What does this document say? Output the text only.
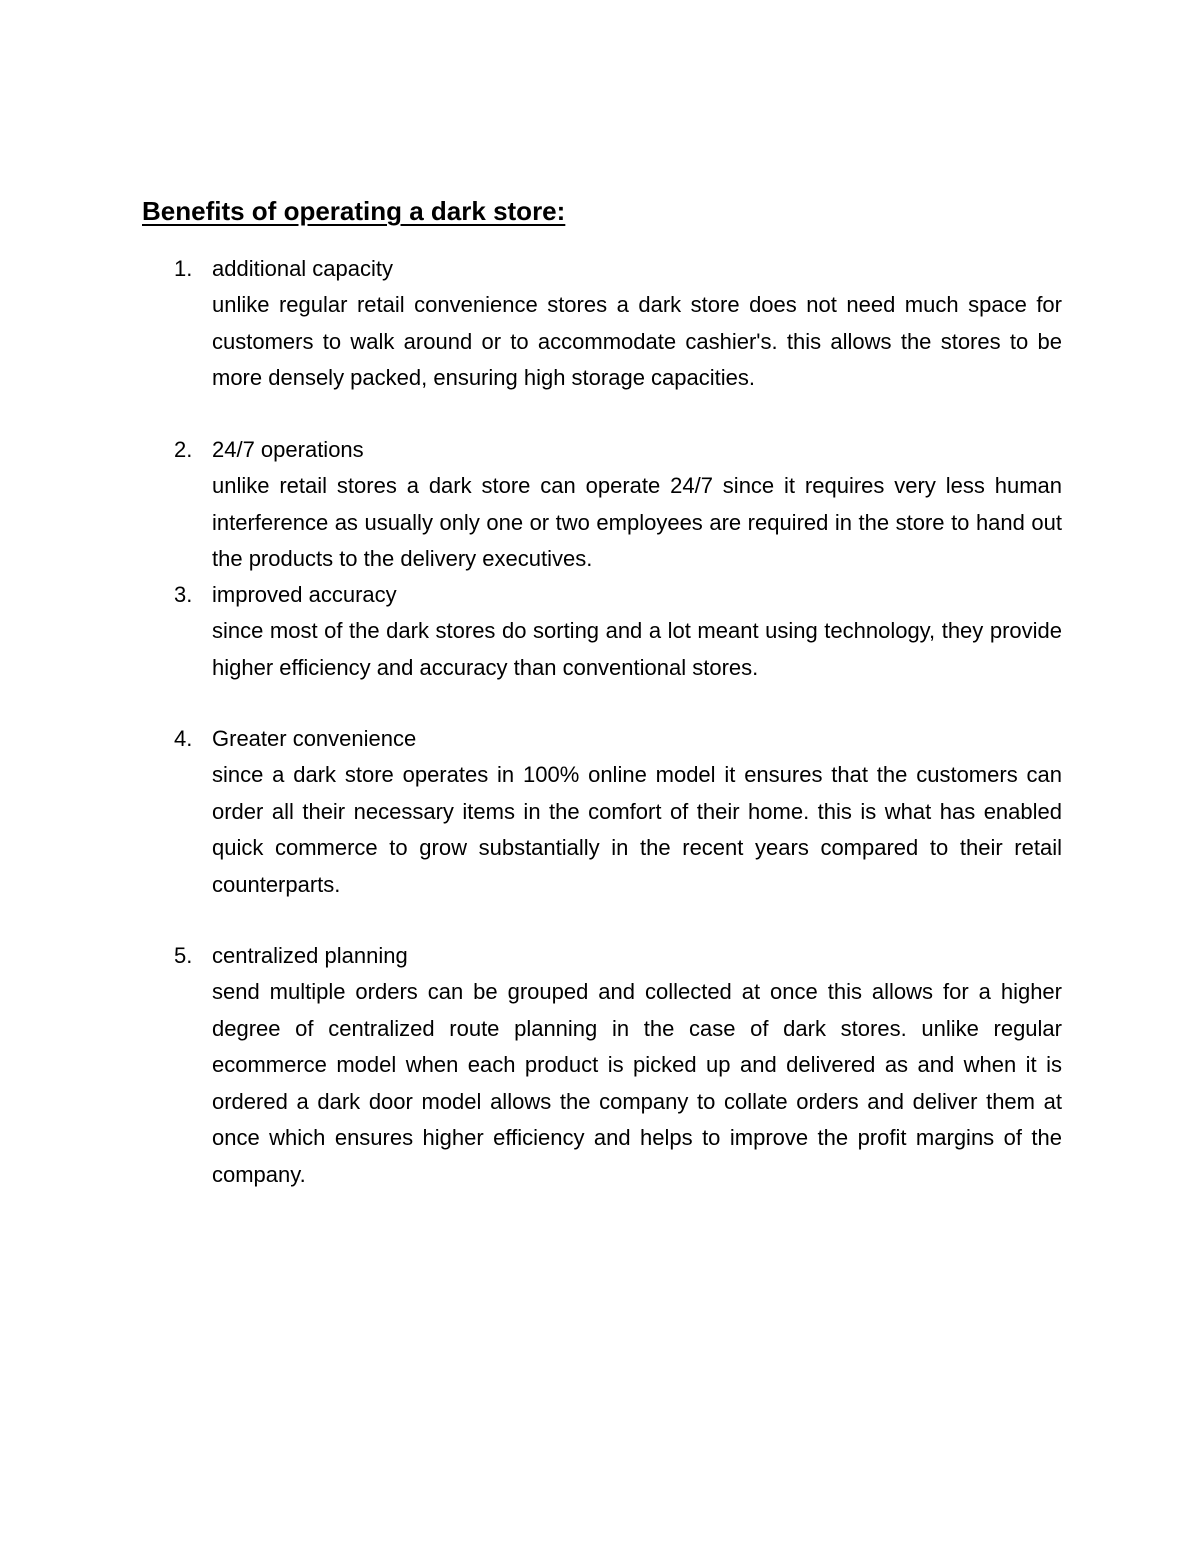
Benefits of operating a dark store:
1. additional capacity
unlike regular retail convenience stores a dark store does not need much space for customers to walk around or to accommodate cashier's. this allows the stores to be more densely packed, ensuring high storage capacities.
2. 24/7 operations
unlike retail stores a dark store can operate 24/7 since it requires very less human interference as usually only one or two employees are required in the store to hand out the products to the delivery executives.
3. improved accuracy
since most of the dark stores do sorting and a lot meant using technology, they provide higher efficiency and accuracy than conventional stores.
4. Greater convenience
since a dark store operates in 100% online model it ensures that the customers can order all their necessary items in the comfort of their home. this is what has enabled quick commerce to grow substantially in the recent years compared to their retail counterparts.
5. centralized planning
send multiple orders can be grouped and collected at once this allows for a higher degree of centralized route planning in the case of dark stores. unlike regular ecommerce model when each product is picked up and delivered as and when it is ordered a dark door model allows the company to collate orders and deliver them at once which ensures higher efficiency and helps to improve the profit margins of the company.
